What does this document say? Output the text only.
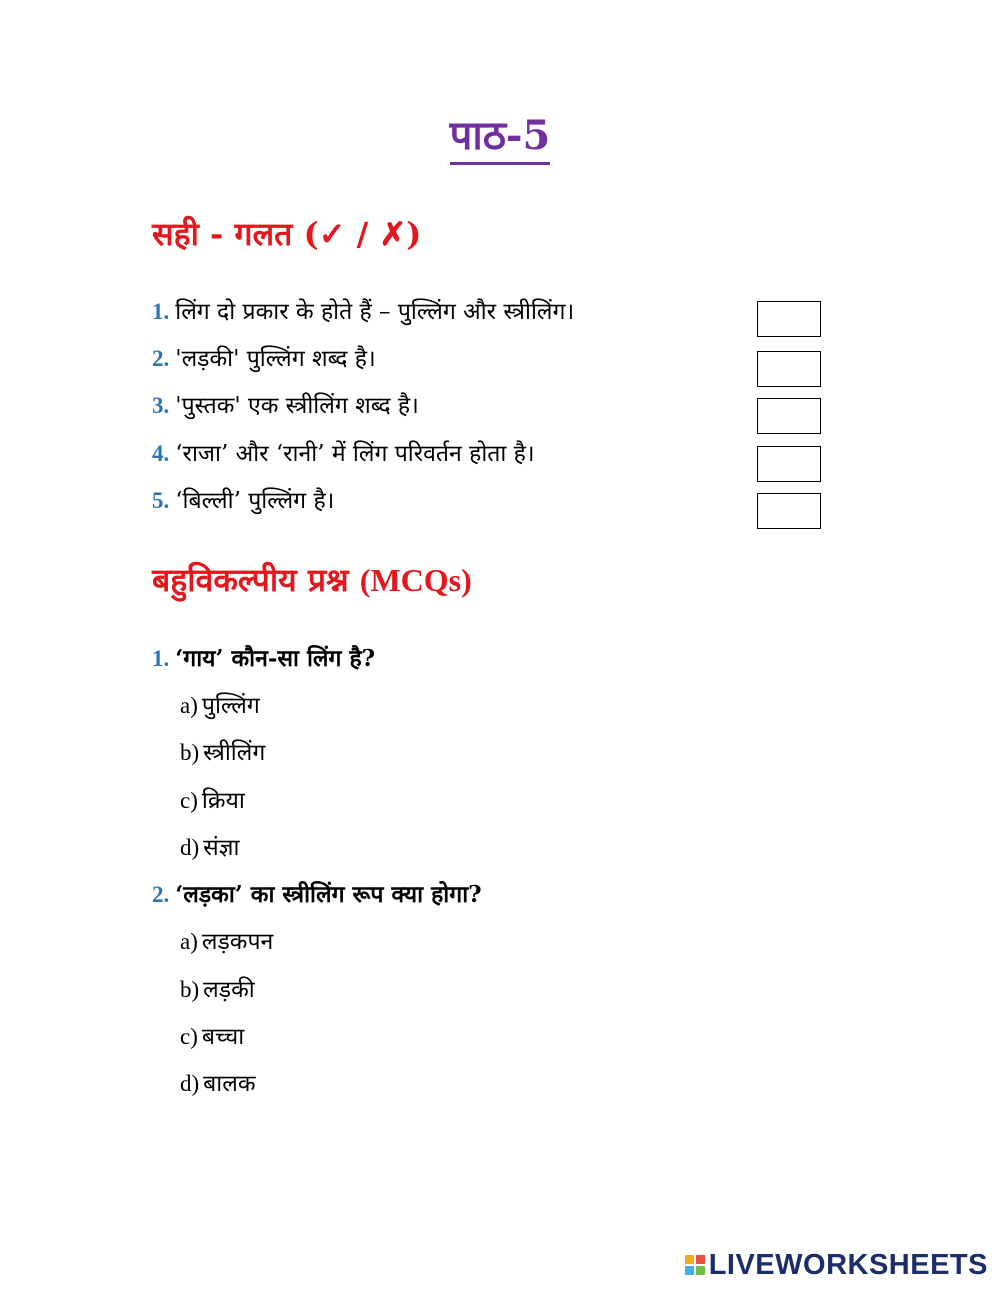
पाठ-5
सही - गलत (✓ / ✗)
1. लिंग दो प्रकार के होते हैं – पुल्लिंग और स्त्रीलिंग।
2. 'लड़की' पुल्लिंग शब्द है।
3. 'पुस्तक' एक स्त्रीलिंग शब्द है।
4. ‘राजा’ और ‘रानी’ में लिंग परिवर्तन होता है।
5. ‘बिल्ली’ पुल्लिंग है।
बहुविकल्पीय प्रश्न (MCQs)
1. ‘गाय’ कौन-सा लिंग है?
a) पुल्लिंग
b) स्त्रीलिंग
c) क्रिया
d) संज्ञा
2. ‘लड़का’ का स्त्रीलिंग रूप क्या होगा?
a) लड़कपन
b) लड़की
c) बच्चा
d) बालक
LIVEWORKSHEETS
